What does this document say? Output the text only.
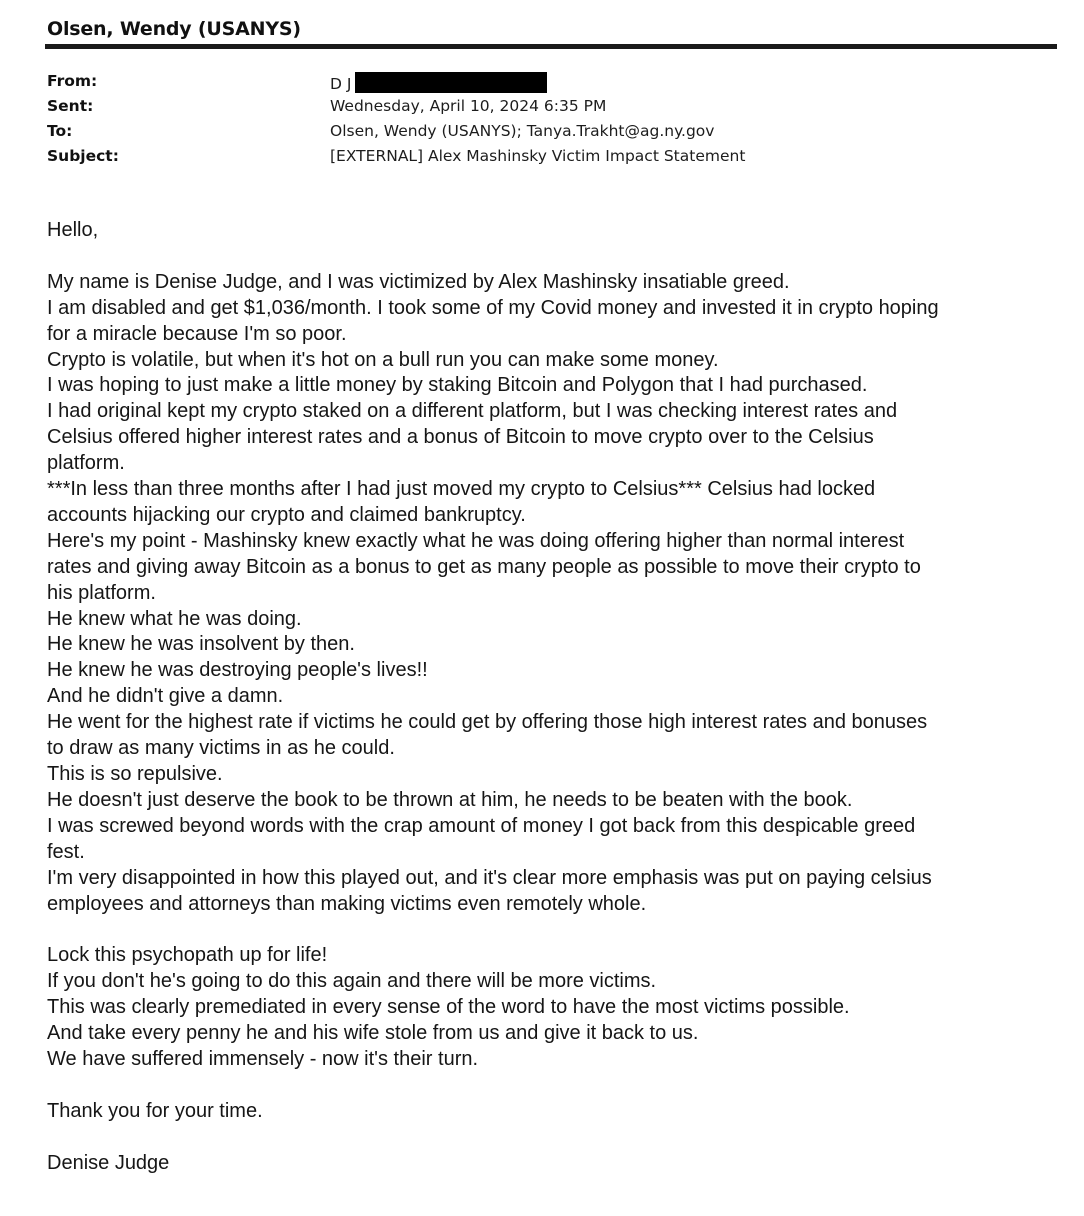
Olsen, Wendy (USANYS)
From:	D J
Sent:	Wednesday, April 10, 2024 6:35 PM
To:	Olsen, Wendy (USANYS); Tanya.Trakht@ag.ny.gov
Subject:	[EXTERNAL] Alex Mashinsky Victim Impact Statement
Hello,
My name is Denise Judge, and I was victimized by Alex Mashinsky insatiable greed.
I am disabled and get $1,036/month. I took some of my Covid money and invested it in crypto hoping
for a miracle because I'm so poor.
Crypto is volatile, but when it's hot on a bull run you can make some money.
I was hoping to just make a little money by staking Bitcoin and Polygon that I had purchased.
I had original kept my crypto staked on a different platform, but I was checking interest rates and
Celsius offered higher interest rates and a bonus of Bitcoin to move crypto over to the Celsius
platform.
***In less than three months after I had just moved my crypto to Celsius*** Celsius had locked
accounts hijacking our crypto and claimed bankruptcy.
Here's my point - Mashinsky knew exactly what he was doing offering higher than normal interest
rates and giving away Bitcoin as a bonus to get as many people as possible to move their crypto to
his platform.
He knew what he was doing.
He knew he was insolvent by then.
He knew he was destroying people's lives!!
And he didn't give a damn.
He went for the highest rate if victims he could get by offering those high interest rates and bonuses
to draw as many victims in as he could.
This is so repulsive.
He doesn't just deserve the book to be thrown at him, he needs to be beaten with the book.
I was screwed beyond words with the crap amount of money I got back from this despicable greed
fest.
I'm very disappointed in how this played out, and it's clear more emphasis was put on paying celsius
employees and attorneys than making victims even remotely whole.
Lock this psychopath up for life!
If you don't he's going to do this again and there will be more victims.
This was clearly premediated in every sense of the word to have the most victims possible.
And take every penny he and his wife stole from us and give it back to us.
We have suffered immensely - now it's their turn.
Thank you for your time.
Denise Judge
